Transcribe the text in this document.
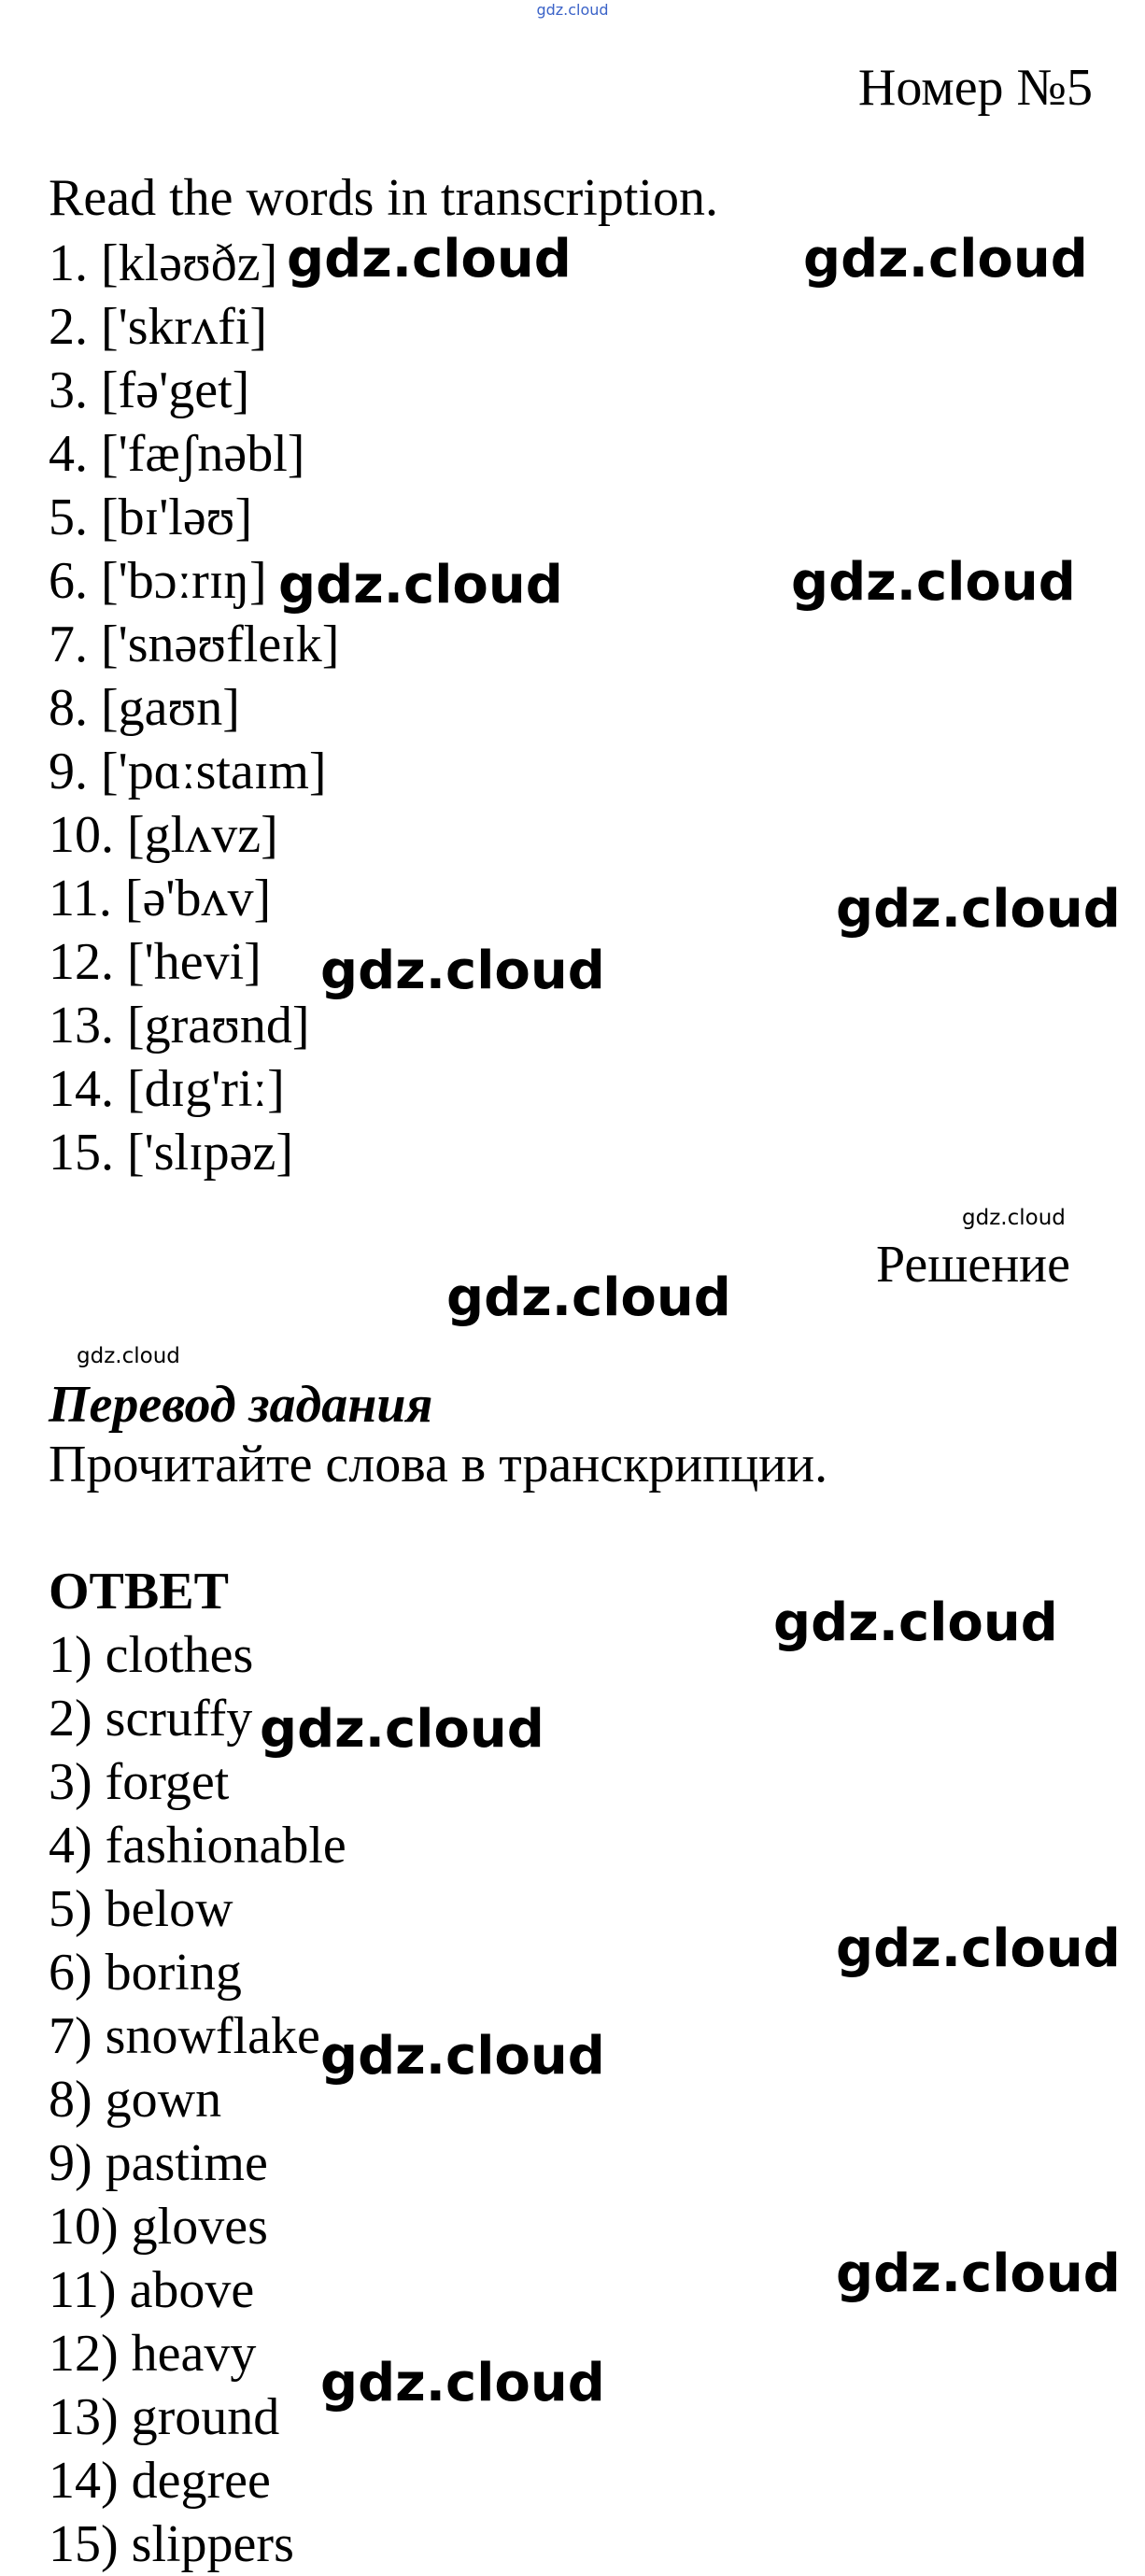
gdz.cloud
Номер №5
Read the words in transcription.
1. [kləʊðz]
2. ['skrʌfi]
3. [fə'get]
4. ['fæʃnəbl]
5. [bɪ'ləʊ]
6. ['bɔːrɪŋ]
7. ['snəʊfleɪk]
8. [gaʊn]
9. ['pɑːstaɪm]
10. [glʌvz]
11. [ə'bʌv]
12. ['hevi]
13. [graʊnd]
14. [dɪg'riː]
15. ['slɪpəz]
Решение
Перевод задания
Прочитайте слова в транскрипции.
ОТВЕТ
1) clothes
2) scruffy
3) forget
4) fashionable
5) below
6) boring
7) snowflake
8) gown
9) pastime
10) gloves
11) above
12) heavy
13) ground
14) degree
15) slippers
gdz.cloud	gdz.cloud
gdz.cloud	gdz.cloud
gdz.cloud
gdz.cloud
gdz.cloud
gdz.cloud
gdz.cloud
gdz.cloud
gdz.cloud
gdz.cloud
gdz.cloud
gdz.cloud
gdz.cloud
